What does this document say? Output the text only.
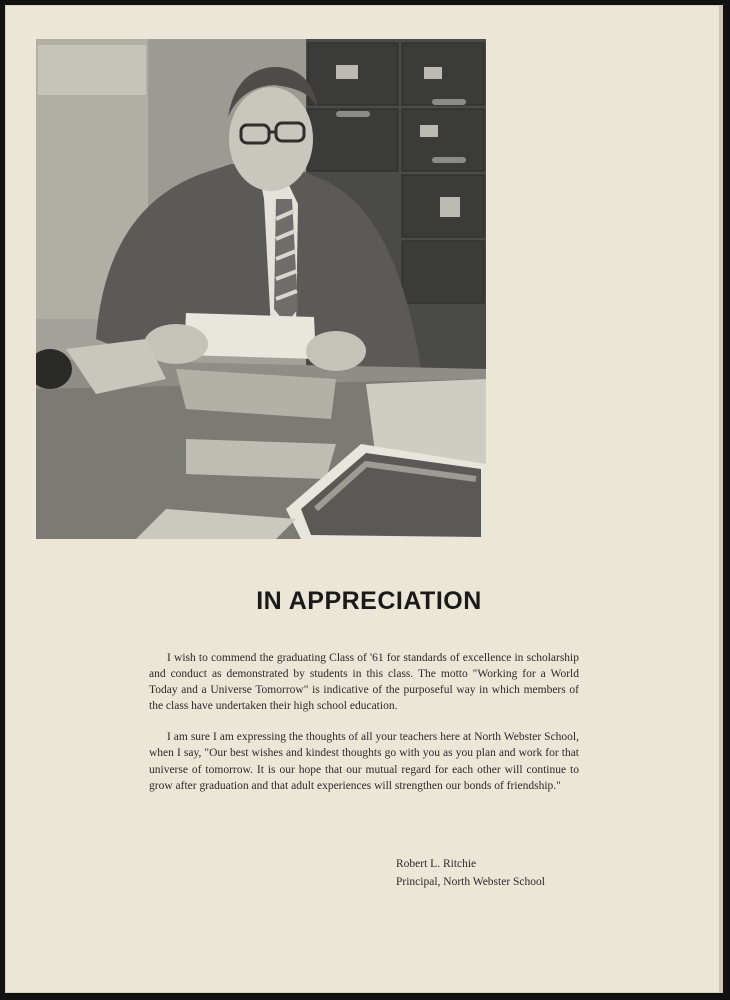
IN APPRECIATION

I wish to commend the graduating Class of '61 for standards of excellence in scholarship and conduct as demonstrated by students in this class. The motto "Working for a World Today and a Universe Tomorrow" is indicative of the purposeful way in which members of the class have undertaken their high school education.

I am sure I am expressing the thoughts of all your teachers here at North Webster School, when I say, "Our best wishes and kindest thoughts go with you as you plan and work for that universe of tomorrow. It is our hope that our mutual regard for each other will continue to grow after graduation and that adult experiences will strengthen our bonds of friendship."

Robert L. Ritchie
Principal, North Webster School
